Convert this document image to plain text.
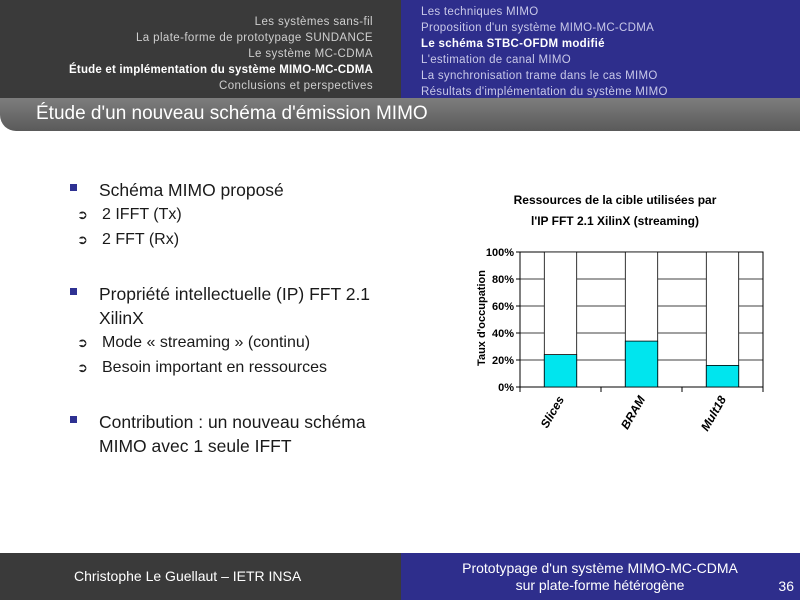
Les systèmes sans-fil
La plate-forme de prototypage SUNDANCE
Le système MC-CDMA
Étude et implémentation du système MIMO-MC-CDMA
Conclusions et perspectives
Les techniques MIMO
Proposition d'un système MIMO-MC-CDMA
Le schéma STBC-OFDM modifié
L'estimation de canal MIMO
La synchronisation trame dans le cas MIMO
Résultats d'implémentation du système MIMO
Étude d'un nouveau schéma d'émission MIMO
Schéma MIMO proposé
➲ 2 IFFT (Tx)
➲ 2 FFT (Rx)
Propriété intellectuelle (IP) FFT 2.1 XilinX
➲ Mode « streaming » (continu)
➲ Besoin important en ressources
Contribution : un nouveau schéma MIMO avec 1 seule IFFT
Ressources de la cible utilisées par
l'IP FFT 2.1 XilinX (streaming)
Taux d'occupation
0%
20%
40%
60%
80%
100%
Slices	BRAM	Mult18
Christophe Le Guellaut – IETR INSA	Prototypage d'un système MIMO-MC-CDMA
sur plate-forme hétérogène	36
